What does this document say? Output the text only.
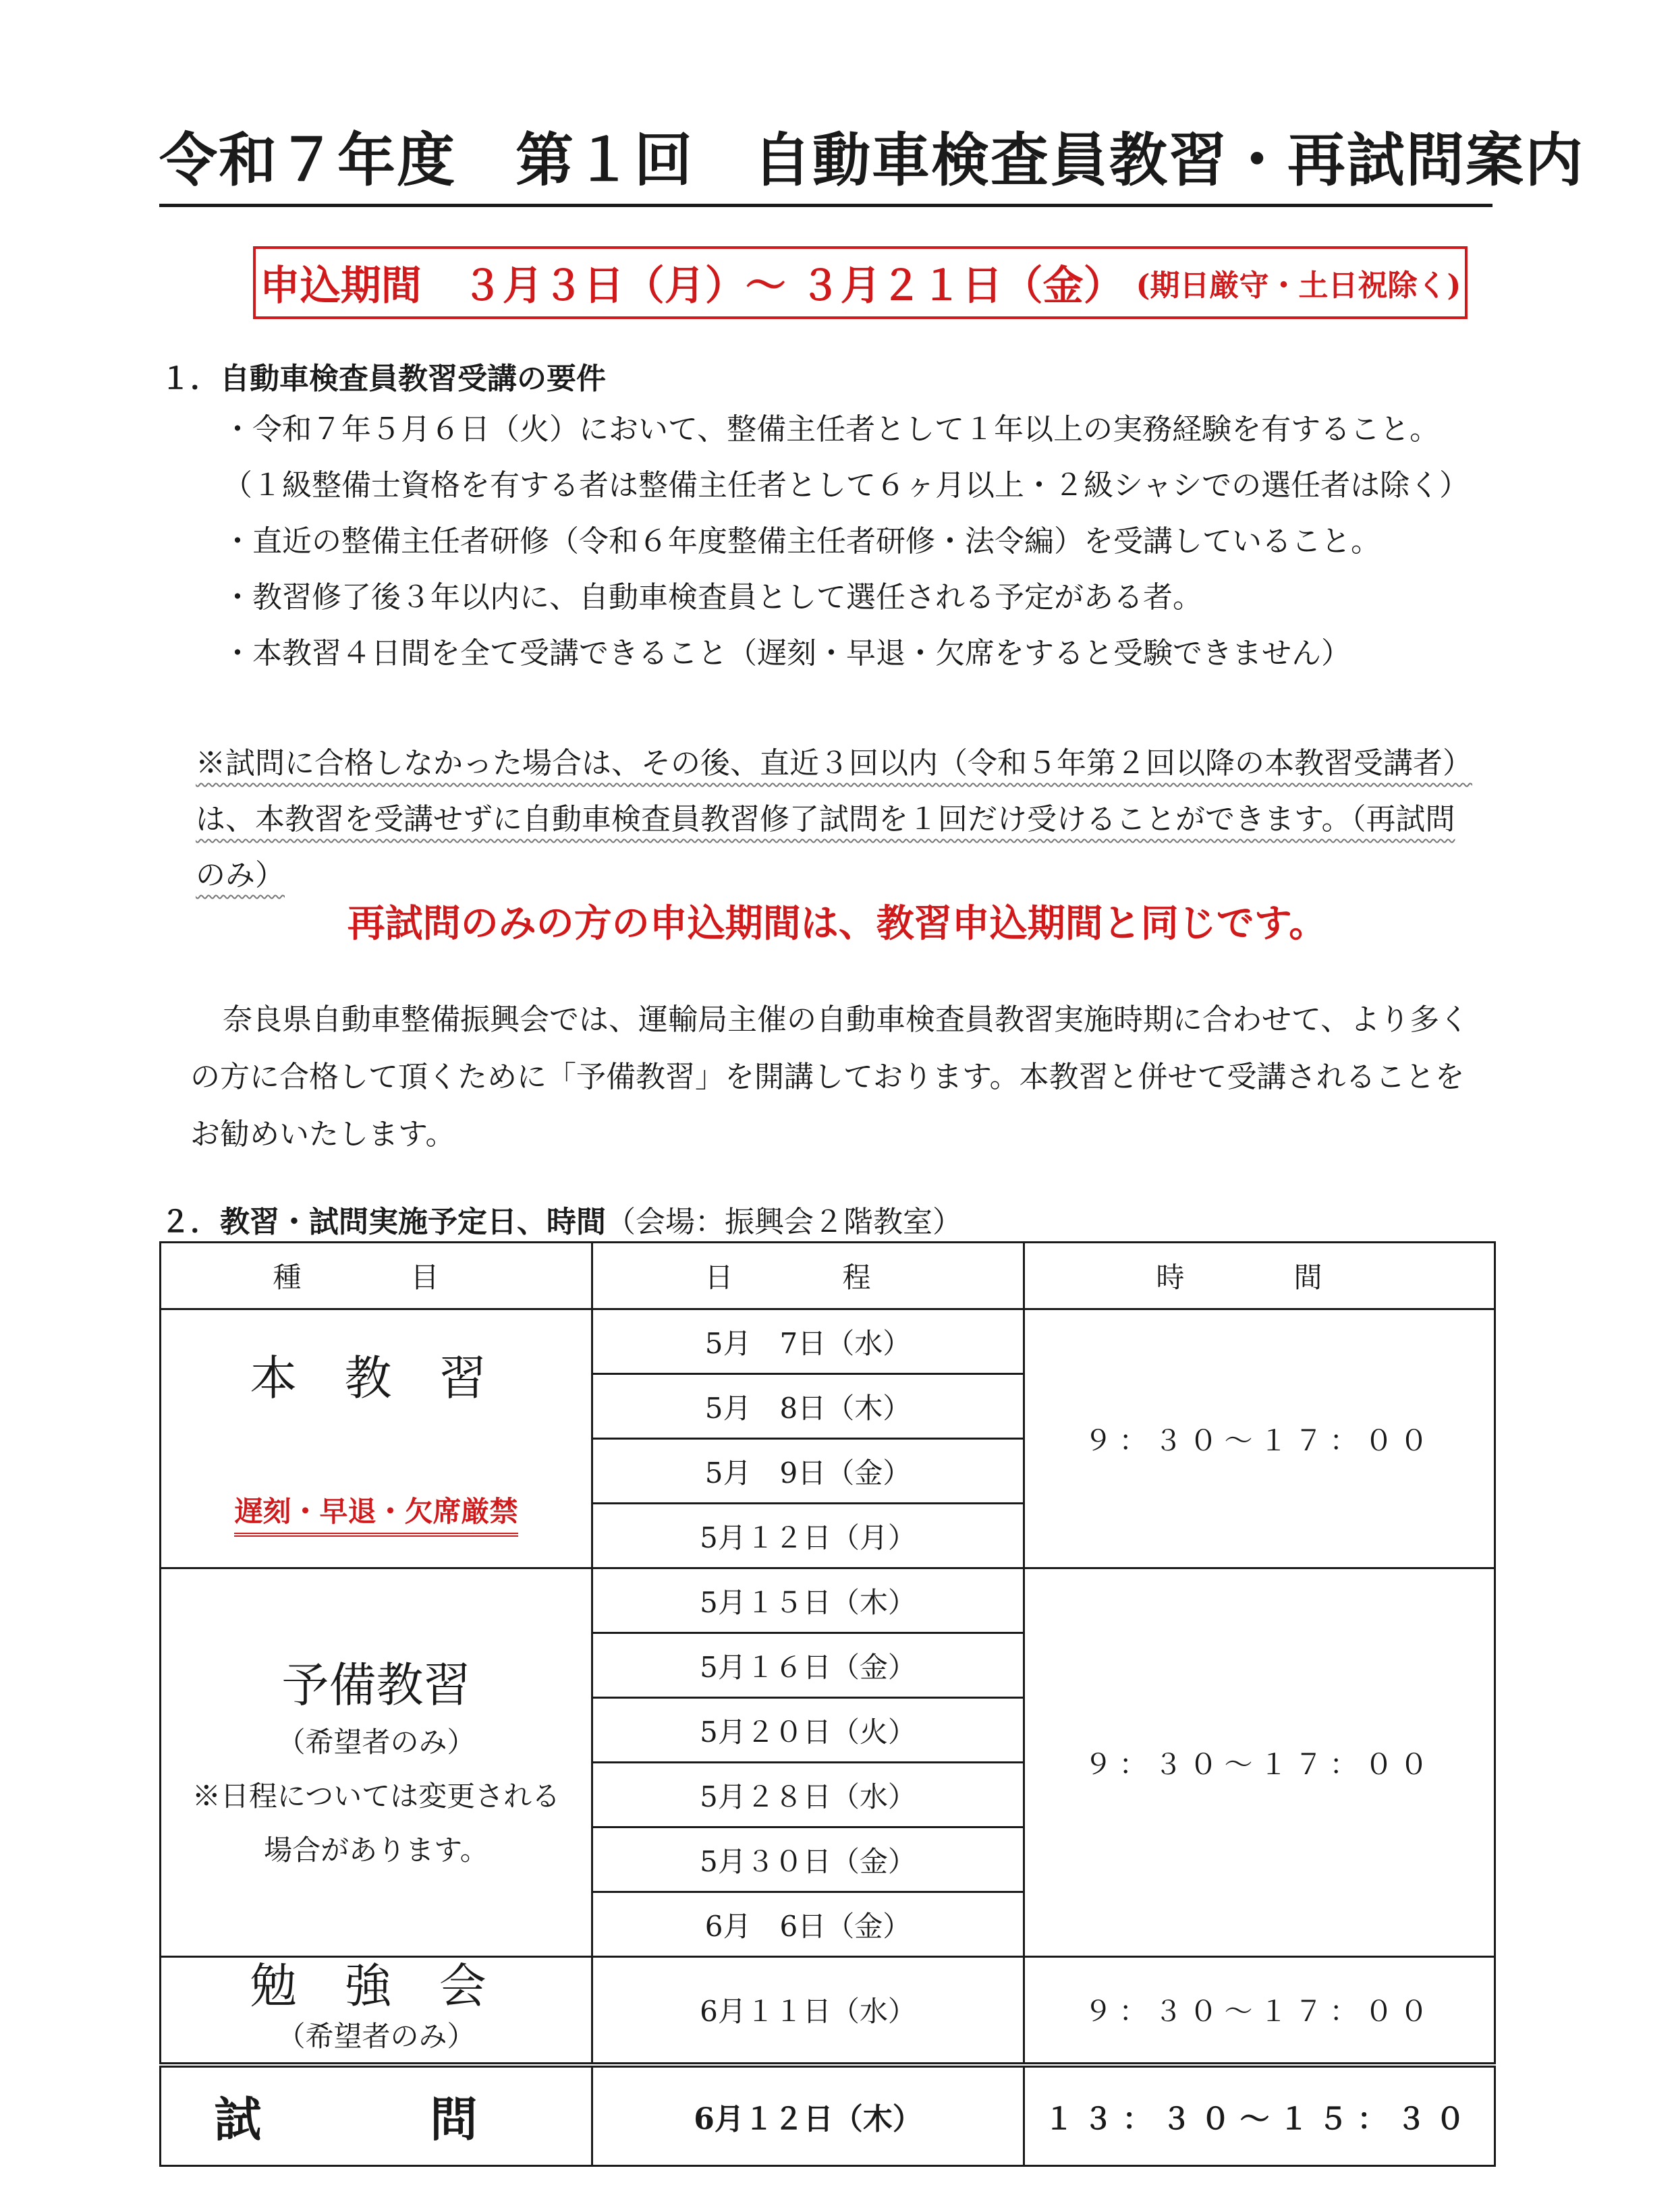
令和７年度　第１回　自動車検査員教習・再試問案内
申込期間　３月３日（月）～ ３月２１日（金） (期日厳守・土日祝除く)
１．自動車検査員教習受講の要件
・令和７年５月６日（火）において、整備主任者として１年以上の実務経験を有すること。
（１級整備士資格を有する者は整備主任者として６ヶ月以上・２級シャシでの選任者は除く）
・直近の整備主任者研修（令和６年度整備主任者研修・法令編）を受講していること。
・教習修了後３年以内に、自動車検査員として選任される予定がある者。
・本教習４日間を全て受講できること（遅刻・早退・欠席をすると受験できません）
※試問に合格しなかった場合は、その後、直近３回以内（令和５年第２回以降の本教習受講者）
は、本教習を受講せずに自動車検査員教習修了試問を１回だけ受けることができます。（再試問
のみ）
再試問のみの方の申込期間は、教習申込期間と同じです。
奈良県自動車整備振興会では、運輸局主催の自動車検査員教習実施時期に合わせて、より多く
の方に合格して頂くために「予備教習」を開講しております。本教習と併せて受講されることを
お勧めいたします。
２．教習・試問実施予定日、時間（会場：振興会２階教室）
種　目	日　程	時　間

本 教 習
遅刻・早退・欠席厳禁	5月　7日（水）	９：３０～１７：００
	5月　8日（木）	
	5月　9日（金）	
	5月１２日（月）	

予備教習
（希望者のみ）
※日程については変更される
場合があります。	5月１５日（木）	９：３０～１７：００
	5月１６日（金）	
	5月２０日（火）	
	5月２８日（水）	
	5月３０日（金）	
	6月　6日（金）	

勉 強 会
（希望者のみ）	6月１１日（水）	９：３０～１７：００
試　問	6月１２日（木）	１３：３０～１５：３０
